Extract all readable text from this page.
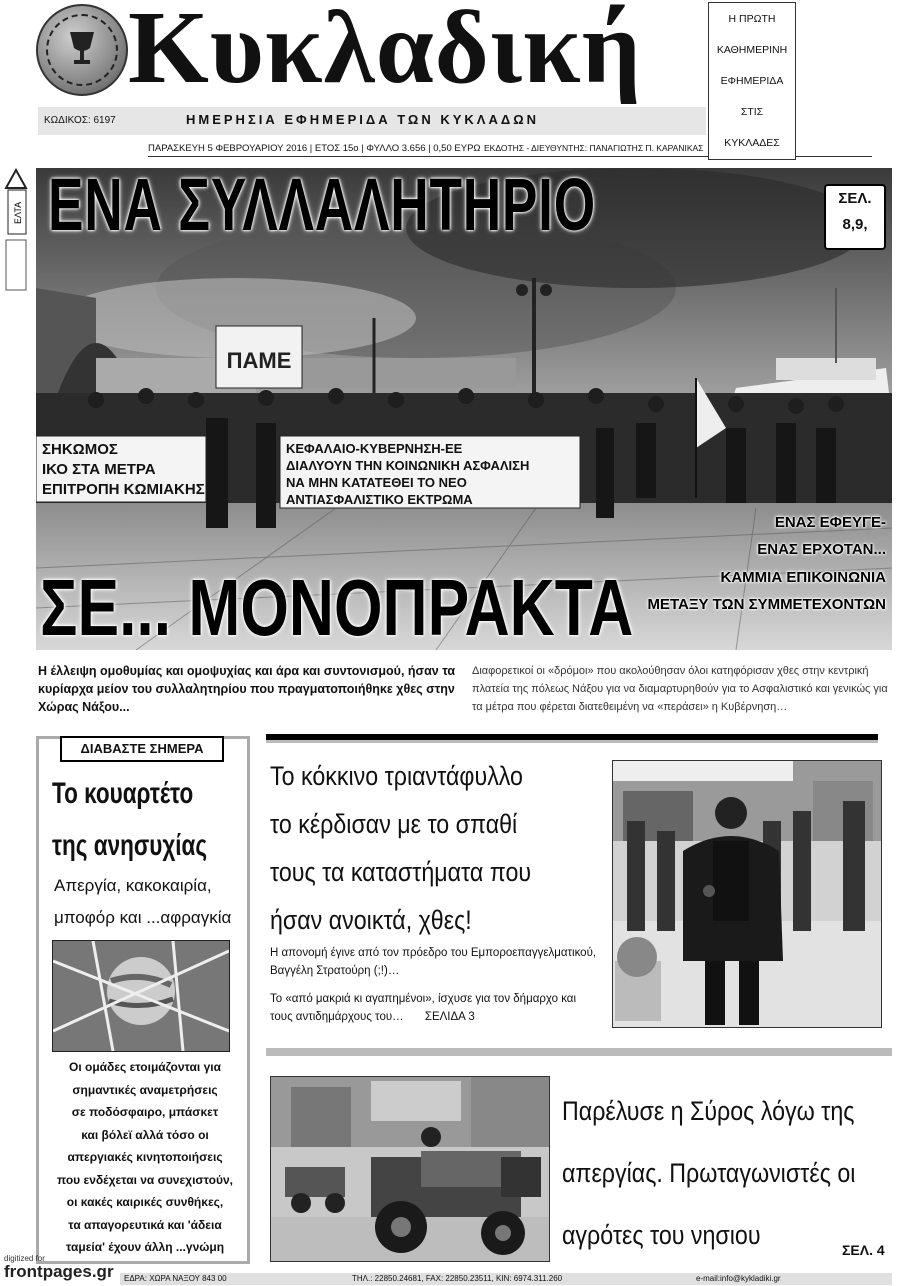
Κυκλαδική
ΚΩΔΙΚΟΣ: 6197	ΗΜΕΡΗΣΙΑ ΕΦΗΜΕΡΙΔΑ ΤΩΝ ΚΥΚΛΑΔΩΝ
ΠΑΡΑΣΚΕΥΗ 5 ΦΕΒΡΟΥΑΡΙΟΥ 2016 | ΕΤΟΣ 15ο | ΦΥΛΛΟ 3.656 | 0,50 ΕΥΡΩ ΕΚΔΟΤΗΣ - ΔΙΕΥΘΥΝΤΗΣ: ΠΑΝΑΓΙΩΤΗΣ Π. ΚΑΡΑΝΙΚΑΣ
Η ΠΡΩΤΗ
ΚΑΘΗΜΕΡΙΝΗ
ΕΦΗΜΕΡΙΔΑ
ΣΤΙΣ
ΚΥΚΛΑΔΕΣ
ΕΛΤΑ
ΠΑΜΕ
ΣΗΚΩΜΟΣ
ΙΚΟ ΣΤΑ ΜΕΤΡΑ
ΕΠΙΤΡΟΠΗ ΚΩΜΙΑΚΗΣ
ΚΕΦΑΛΑΙΟ-ΚΥΒΕΡΝΗΣΗ-ΕΕ
ΔΙΑΛΥΟΥΝ ΤΗΝ ΚΟΙΝΩΝΙΚΗ ΑΣΦΑΛΙΣΗ
ΝΑ ΜΗΝ ΚΑΤΑΤΕΘΕΙ ΤΟ ΝΕΟ
ΑΝΤΙΑΣΦΑΛΙΣΤΙΚΟ ΕΚΤΡΩΜΑ
ΕΝΑ ΣΥΛΛΑΛΗΤΗΡΙΟ
ΣΕ... ΜΟΝΟΠΡΑΚΤΑ
ΣΕΛ.
8,9,
ΕΝΑΣ ΕΦΕΥΓΕ-
ΕΝΑΣ ΕΡΧΟΤΑΝ...
ΚΑΜΜΙΑ ΕΠΙΚΟΙΝΩΝΙΑ
ΜΕΤΑΞΥ ΤΩΝ ΣΥΜΜΕΤΕΧΟΝΤΩΝ
Η έλλειψη ομοθυμίας και ομοψυχίας και άρα και συντονισμού, ήσαν τα κυρίαρχα μείον του συλλαλητηρίου που πραγματοποιήθηκε χθες στην Χώρας Νάξου...
Διαφορετικοί οι «δρόμοι» που ακολούθησαν όλοι κατηφόρισαν χθες στην κεντρική πλατεία της πόλεως Νάξου για να διαμαρτυρηθούν για το Ασφαλιστικό και γενικώς για τα μέτρα που φέρεται διατεθειμένη να «περάσει» η Κυβέρνηση…
ΔΙΑΒΑΣΤΕ ΣΗΜΕΡΑ
Το κουαρτέτο
της ανησυχίας
Απεργία, κακοκαιρία,
μποφόρ και ...αφραγκία
Οι ομάδες ετοιμάζονται για
σημαντικές αναμετρήσεις
σε ποδόσφαιρο, μπάσκετ
και βόλεϊ αλλά τόσο οι
απεργιακές κινητοποιήσεις
που ενδέχεται να συνεχιστούν,
οι κακές καιρικές συνθήκες,
τα απαγορευτικά και 'άδεια
ταμεία' έχουν άλλη ...γνώμη
Το κόκκινο τριαντάφυλλο
το κέρδισαν με το σπαθί
τους τα καταστήματα που
ήσαν ανοικτά, χθες!
Η απονομή έγινε από τον πρόεδρο του Εμποροεπαγγελματικού, Βαγγέλη Στρατούρη (;!)…
Το «από μακριά κι αγαπημένοι», ίσχυσε για τον δήμαρχο και τους αντιδημάρχους του… ΣΕΛΙΔΑ 3
Παρέλυσε η Σύρος λόγω της
απεργίας. Πρωταγωνιστές οι
αγρότες του νησιου	ΣΕΛ. 4
digitized for
frontpages.gr ΕΔΡΑ: ΧΩΡΑ ΝΑΞΟΥ 843 00	ΤΗΛ.: 22850.24681, FAX: 22850.23511, ΚΙΝ: 6974.311.260	e-mail:info@kykladiki.gr
